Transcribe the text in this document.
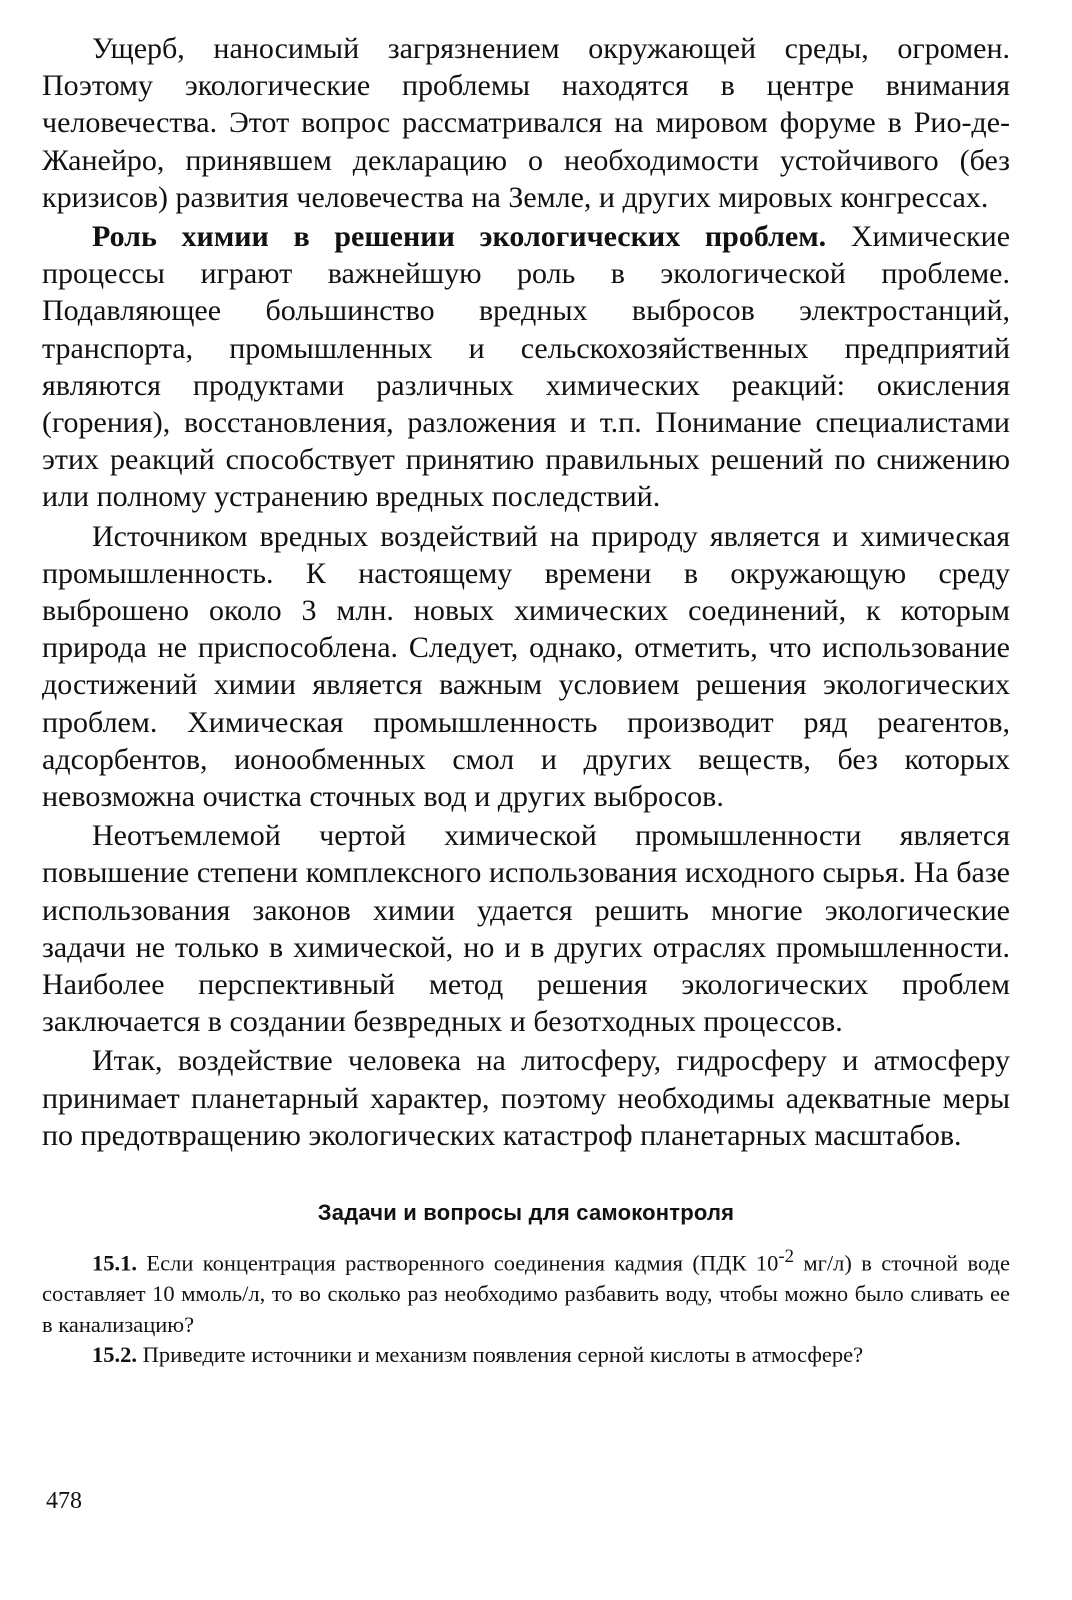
Ущерб, наносимый загрязнением окружающей среды, огромен. Поэтому экологические проблемы находятся в центре внимания человечества. Этот вопрос рассматривался на мировом форуме в Рио-де-Жанейро, принявшем декларацию о необходимости устойчивого (без кризисов) развития человечества на Земле, и других мировых конгрессах.

Роль химии в решении экологических проблем. Химические процессы играют важнейшую роль в экологической проблеме. Подавляющее большинство вредных выбросов электростанций, транспорта, промышленных и сельскохозяйственных предприятий являются продуктами различных химических реакций: окисления (горения), восстановления, разложения и т.п. Понимание специалистами этих реакций способствует принятию правильных решений по снижению или полному устранению вредных последствий.

Источником вредных воздействий на природу является и химическая промышленность. К настоящему времени в окружающую среду выброшено около 3 млн. новых химических соединений, к которым природа не приспособлена. Следует, однако, отметить, что использование достижений химии является важным условием решения экологических проблем. Химическая промышленность производит ряд реагентов, адсорбентов, ионообменных смол и других веществ, без которых невозможна очистка сточных вод и других выбросов.

Неотъемлемой чертой химической промышленности является повышение степени комплексного использования исходного сырья. На базе использования законов химии удается решить многие экологические задачи не только в химической, но и в других отраслях промышленности. Наиболее перспективный метод решения экологических проблем заключается в создании безвредных и безотходных процессов.

Итак, воздействие человека на литосферу, гидросферу и атмосферу принимает планетарный характер, поэтому необходимы адекватные меры по предотвращению экологических катастроф планетарных масштабов.

Задачи и вопросы для самоконтроля

15.1. Если концентрация растворенного соединения кадмия (ПДК $10^{-2}$ мг/л) в сточной воде составляет 10 ммоль/л, то во сколько раз необходимо разбавить воду, чтобы можно было сливать ее в канализацию?

15.2. Приведите источники и механизм появления серной кислоты в атмосфере?

478
